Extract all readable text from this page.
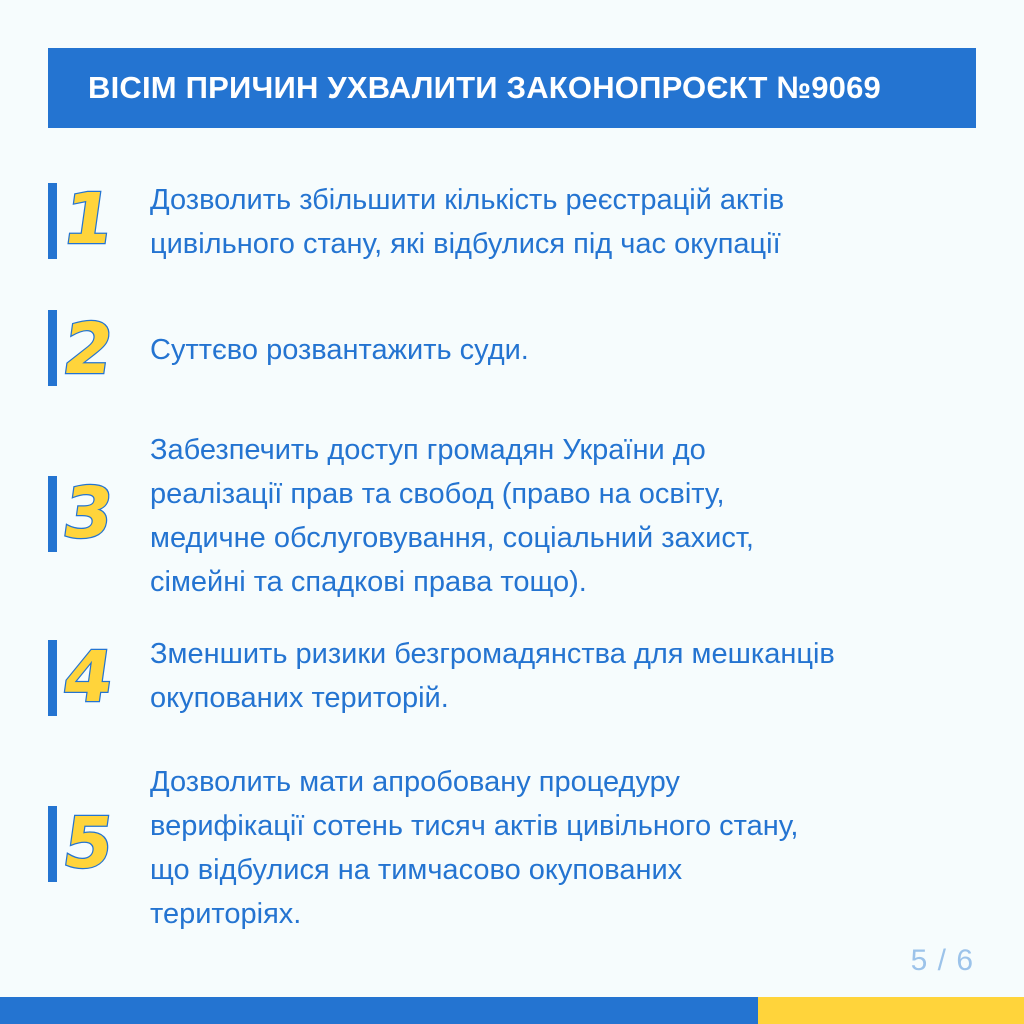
ВІСІМ ПРИЧИН УХВАЛИТИ ЗАКОНОПРОЄКТ №9069
1 Дозволить збільшити кількість реєстрацій актів
цивільного стану, які відбулися під час окупації
2 Суттєво розвантажить суди.
3
Забезпечить доступ громадян України до
реалізації прав та свобод (право на освіту,
медичне обслуговування, соціальний захист,
сімейні та спадкові права тощо).
4 Зменшить ризики безгромадянства для мешканців
окупованих територій.
5
Дозволить мати апробовану процедуру
верифікації сотень тисяч актів цивільного стану,
що відбулися на тимчасово окупованих
територіях.
5 / 6
